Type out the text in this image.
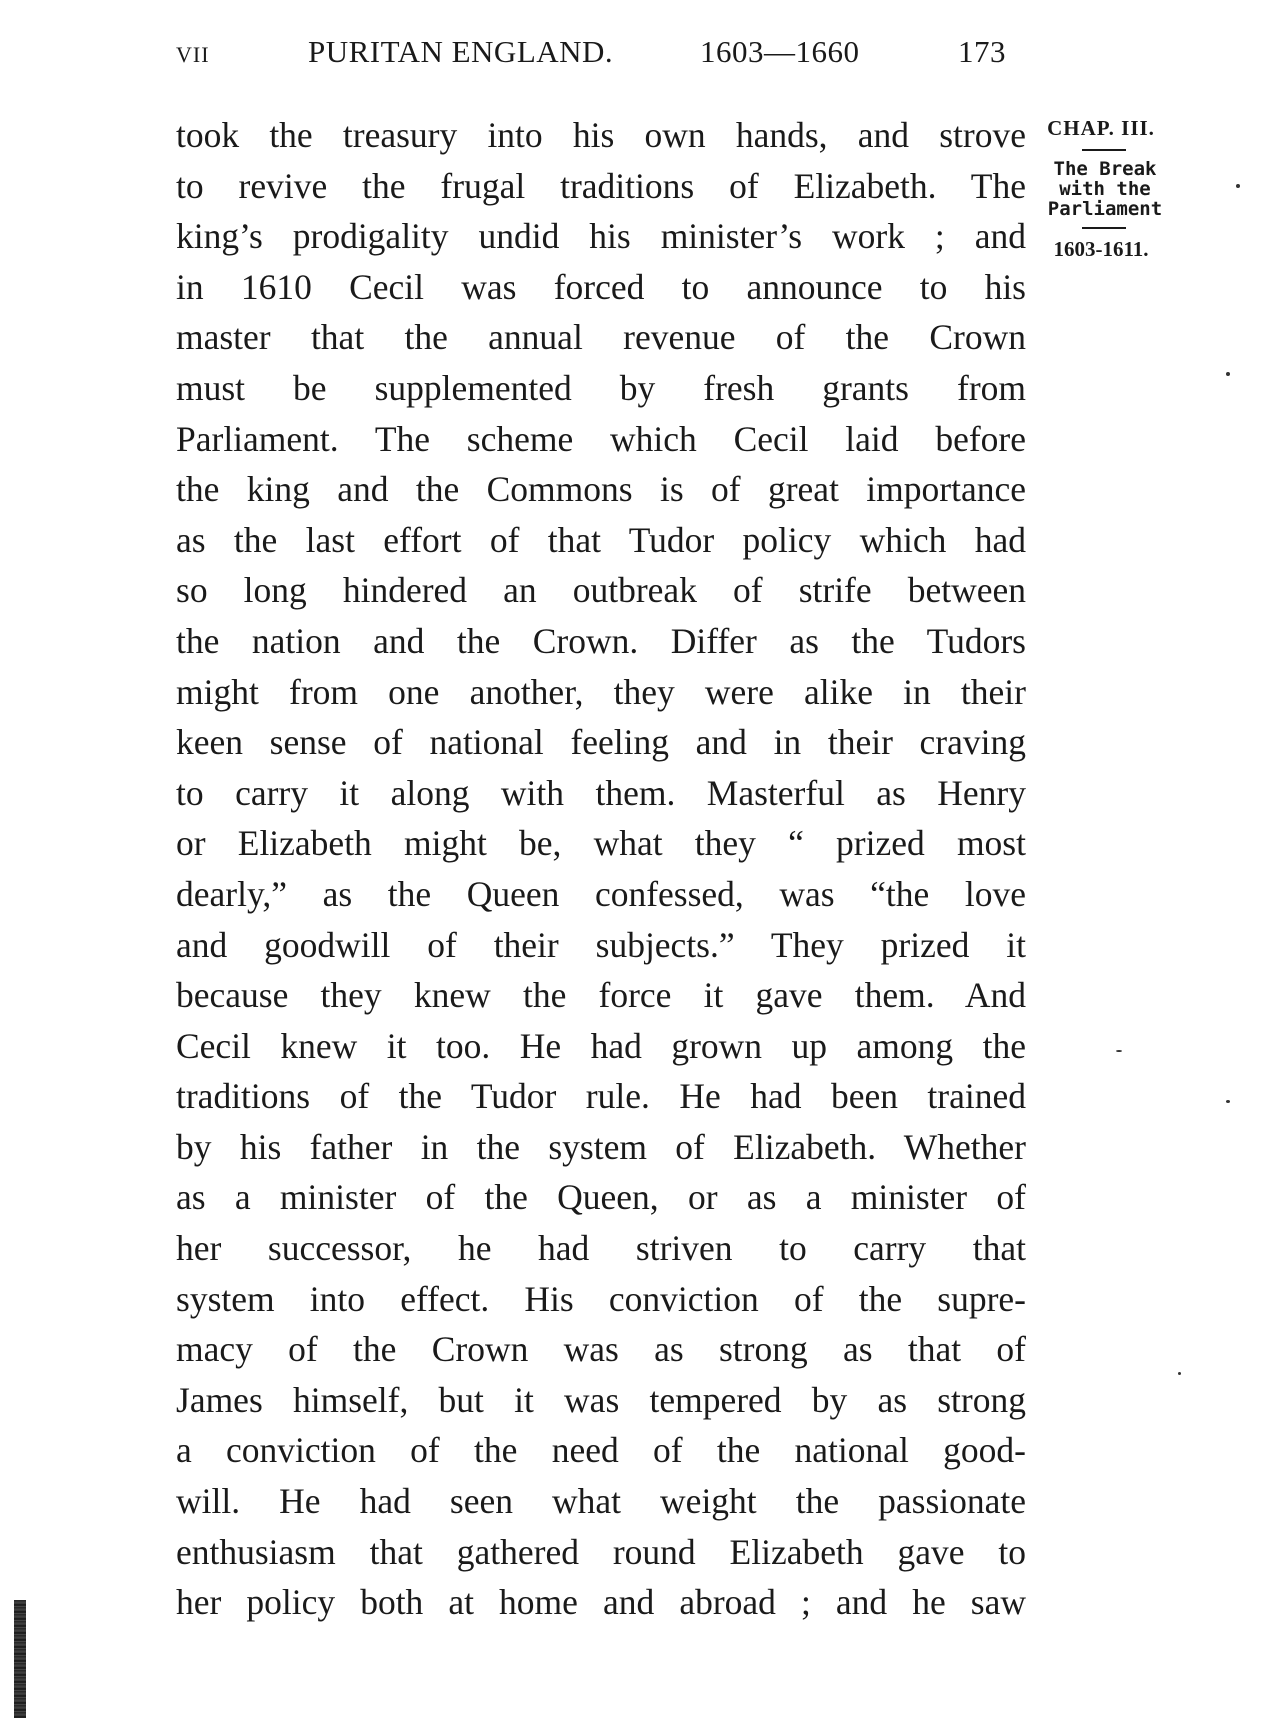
VII	PURITAN ENGLAND.	1603—1660	173
took the treasury into his own hands, and strove
to revive the frugal traditions of Elizabeth. The
king’s prodigality undid his minister’s work ; and
in 1610 Cecil was forced to announce to his
master that the annual revenue of the Crown
must be supplemented by fresh grants from
Parliament. The scheme which Cecil laid before
the king and the Commons is of great importance
as the last effort of that Tudor policy which had
so long hindered an outbreak of strife between
the nation and the Crown. Differ as the Tudors
might from one another, they were alike in their
keen sense of national feeling and in their craving
to carry it along with them. Masterful as Henry
or Elizabeth might be, what they “ prized most
dearly,” as the Queen confessed, was “the love
and goodwill of their subjects.” They prized it
because they knew the force it gave them. And
Cecil knew it too. He had grown up among the
traditions of the Tudor rule. He had been trained
by his father in the system of Elizabeth. Whether
as a minister of the Queen, or as a minister of
her successor, he had striven to carry that
system into effect. His conviction of the supre-
macy of the Crown was as strong as that of
James himself, but it was tempered by as strong
a conviction of the need of the national good-
will. He had seen what weight the passionate
enthusiasm that gathered round Elizabeth gave to
her policy both at home and abroad ; and he saw
CHAP. III.
The Break
with the
Parliament
1603-1611.
